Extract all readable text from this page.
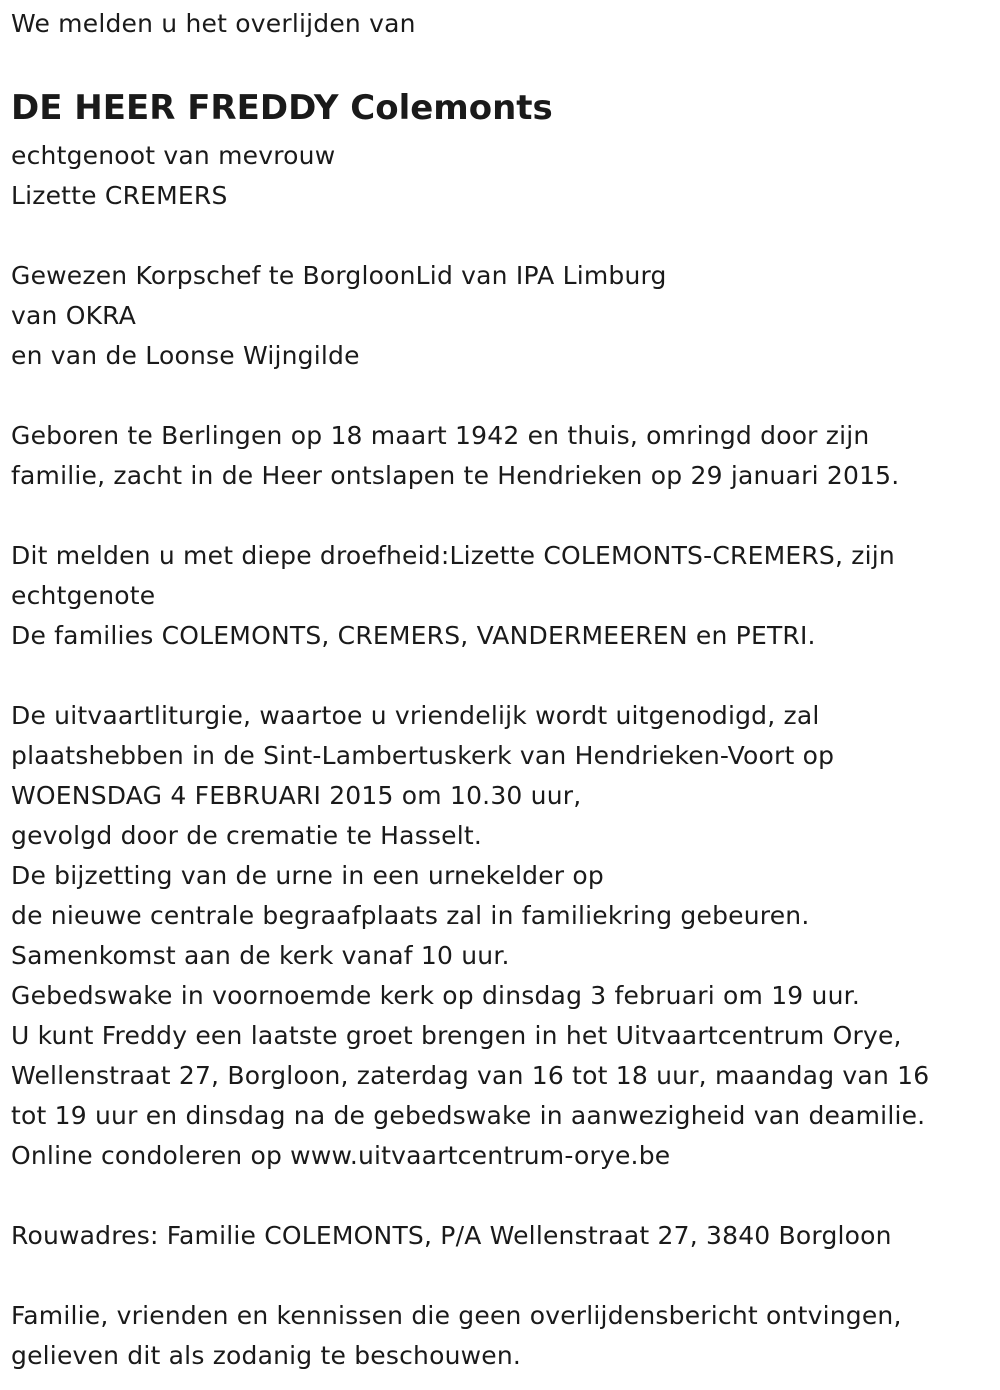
We melden u het overlijden van
DE HEER FREDDY Colemonts
echtgenoot van mevrouw
Lizette CREMERS
Gewezen Korpschef te BorgloonLid van IPA Limburg
van OKRA
en van de Loonse Wijngilde
Geboren te Berlingen op 18 maart 1942 en thuis, omringd door zijn
familie, zacht in de Heer ontslapen te Hendrieken op 29 januari 2015.
Dit melden u met diepe droefheid:Lizette COLEMONTS-CREMERS, zijn
echtgenote
De families COLEMONTS, CREMERS, VANDERMEEREN en PETRI.
De uitvaartliturgie, waartoe u vriendelijk wordt uitgenodigd, zal
plaatshebben in de Sint-Lambertuskerk van Hendrieken-Voort op
WOENSDAG 4 FEBRUARI 2015 om 10.30 uur,
gevolgd door de crematie te Hasselt.
De bijzetting van de urne in een urnekelder op
de nieuwe centrale begraafplaats zal in familiekring gebeuren.
Samenkomst aan de kerk vanaf 10 uur.
Gebedswake in voornoemde kerk op dinsdag 3 februari om 19 uur.
U kunt Freddy een laatste groet brengen in het Uitvaartcentrum Orye,
Wellenstraat 27, Borgloon, zaterdag van 16 tot 18 uur, maandag van 16
tot 19 uur en dinsdag na de gebedswake in aanwezigheid van deamilie.
Online condoleren op www.uitvaartcentrum-orye.be
Rouwadres: Familie COLEMONTS, P/A Wellenstraat 27, 3840 Borgloon
Familie, vrienden en kennissen die geen overlijdensbericht ontvingen,
gelieven dit als zodanig te beschouwen.
